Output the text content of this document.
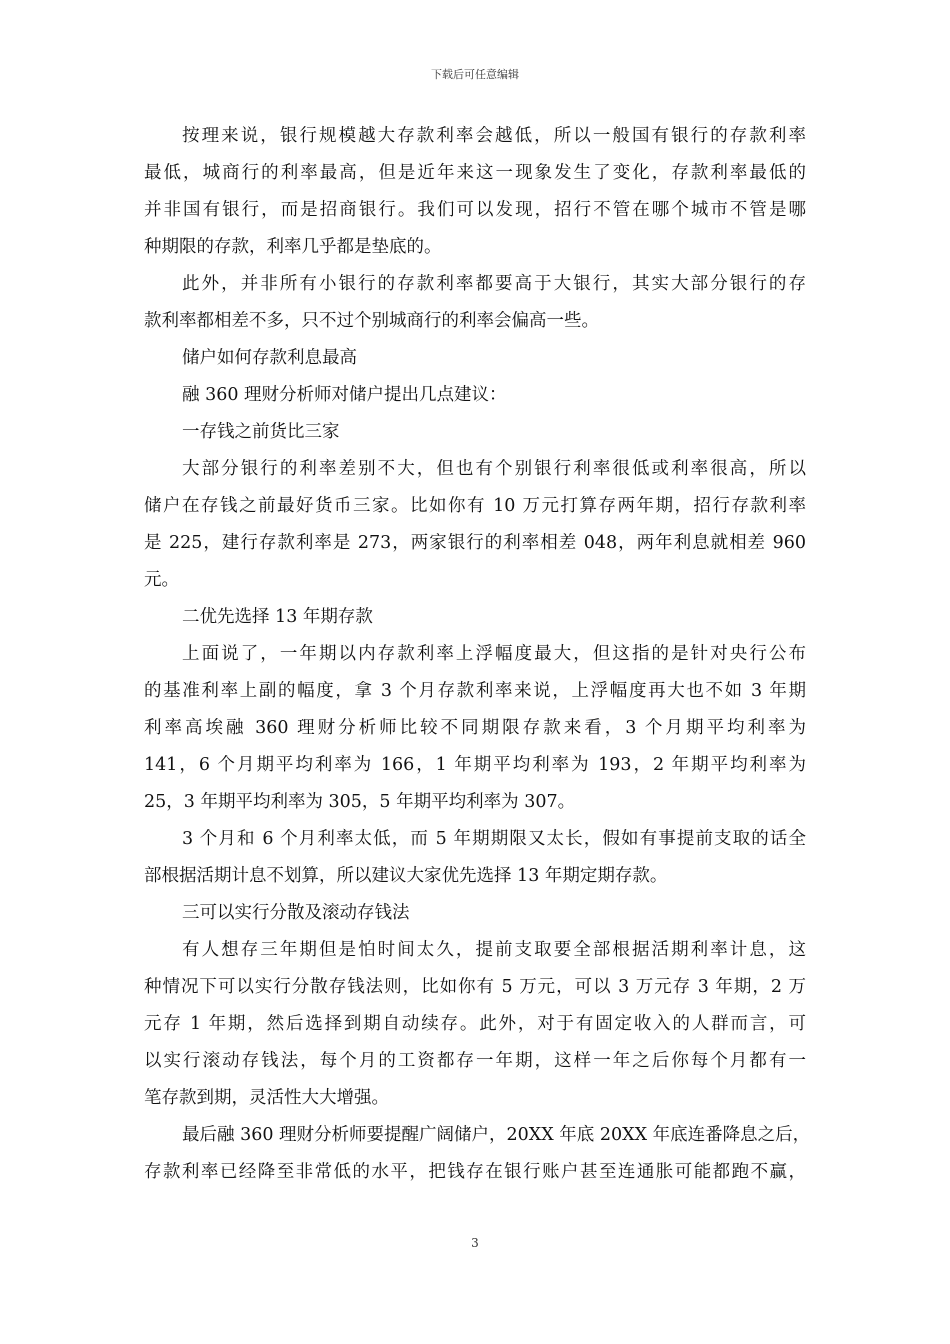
下载后可任意编辑

按理来说，银行规模越大存款利率会越低，所以一般国有银行的存款利率

最低，城商行的利率最高，但是近年来这一现象发生了变化，存款利率最低的

并非国有银行，而是招商银行。我们可以发现，招行不管在哪个城市不管是哪

种期限的存款，利率几乎都是垫底的。

此外，并非所有小银行的存款利率都要高于大银行，其实大部分银行的存

款利率都相差不多，只不过个别城商行的利率会偏高一些。

储户如何存款利息最高

融 360 理财分析师对储户提出几点建议：

一存钱之前货比三家

大部分银行的利率差别不大，但也有个别银行利率很低或利率很高，所以

储户在存钱之前最好货币三家。比如你有 10 万元打算存两年期，招行存款利率

是 225，建行存款利率是 273，两家银行的利率相差 048，两年利息就相差 960

元。

二优先选择 13 年期存款

上面说了，一年期以内存款利率上浮幅度最大，但这指的是针对央行公布

的基准利率上副的幅度，拿 3 个月存款利率来说，上浮幅度再大也不如 3 年期

利率高埃融 360 理财分析师比较不同期限存款来看，3 个月期平均利率为

141，6 个月期平均利率为 166，1 年期平均利率为 193，2 年期平均利率为

25，3 年期平均利率为 305，5 年期平均利率为 307。

3 个月和 6 个月利率太低，而 5 年期期限又太长，假如有事提前支取的话全

部根据活期计息不划算，所以建议大家优先选择 13 年期定期存款。

三可以实行分散及滚动存钱法

有人想存三年期但是怕时间太久，提前支取要全部根据活期利率计息，这

种情况下可以实行分散存钱法则，比如你有 5 万元，可以 3 万元存 3 年期，2 万

元存 1 年期，然后选择到期自动续存。此外，对于有固定收入的人群而言，可

以实行滚动存钱法，每个月的工资都存一年期，这样一年之后你每个月都有一

笔存款到期，灵活性大大增强。

最后融 360 理财分析师要提醒广阔储户，20XX 年底 20XX 年底连番降息之后，

存款利率已经降至非常低的水平，把钱存在银行账户甚至连通胀可能都跑不赢，

3
